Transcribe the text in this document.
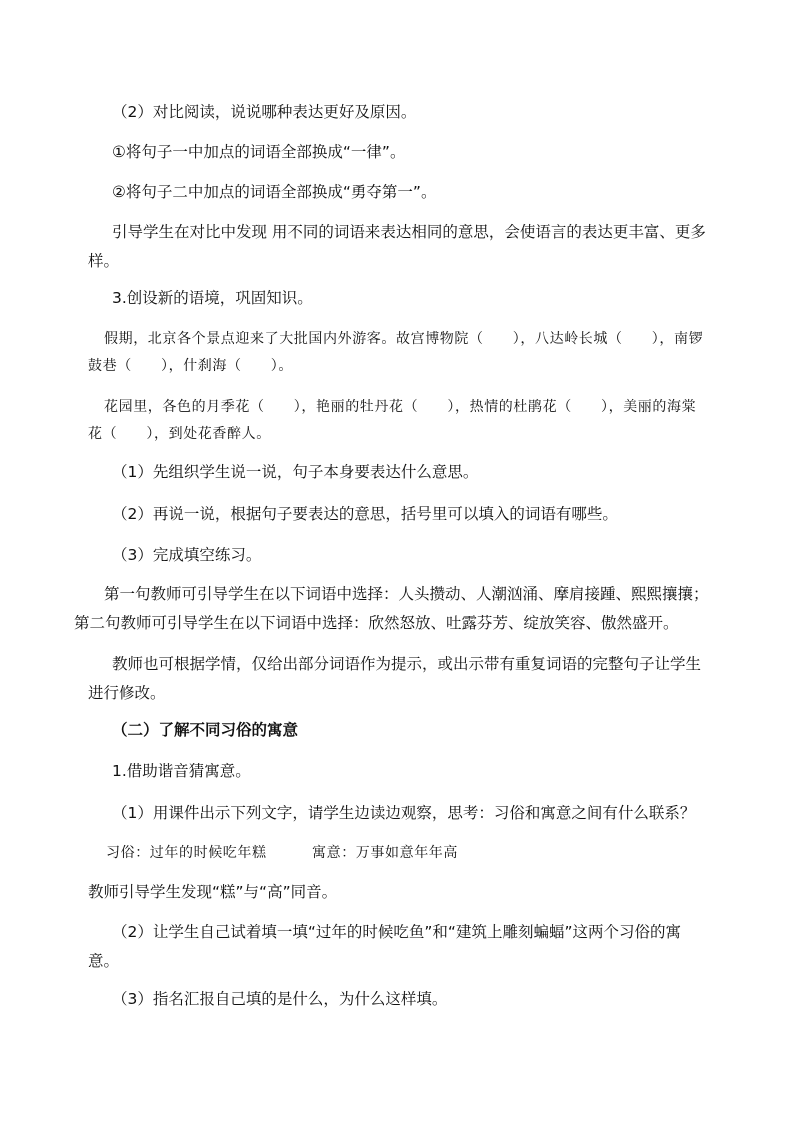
（2）对比阅读，说说哪种表达更好及原因。
①将句子一中加点的词语全部换成“一律”。
②将句子二中加点的词语全部换成“勇夺第一”。
引导学生在对比中发现 用不同的词语来表达相同的意思，会使语言的表达更丰富、更多样。
3.创设新的语境，巩固知识。
假期，北京各个景点迎来了大批国内外游客。故宫博物院（　　），八达岭长城（　　），南锣鼓巷（　　），什刹海（　　）。
花园里，各色的月季花（　　），艳丽的牡丹花（　　），热情的杜鹃花（　　），美丽的海棠花（　　），到处花香醉人。
（1）先组织学生说一说，句子本身要表达什么意思。
（2）再说一说，根据句子要表达的意思，括号里可以填入的词语有哪些。
（3）完成填空练习。
第一句教师可引导学生在以下词语中选择：人头攒动、人潮汹涌、摩肩接踵、熙熙攘攘；第二句教师可引导学生在以下词语中选择：欣然怒放、吐露芬芳、绽放笑容、傲然盛开。
教师也可根据学情，仅给出部分词语作为提示，或出示带有重复词语的完整句子让学生进行修改。
（二）了解不同习俗的寓意
1.借助谐音猜寓意。
（1）用课件出示下列文字，请学生边读边观察，思考：习俗和寓意之间有什么联系？
习俗：过年的时候吃年糕	寓意：万事如意年年高
教师引导学生发现“糕”与“高”同音。
（2）让学生自己试着填一填“过年的时候吃鱼”和“建筑上雕刻蝙蝠”这两个习俗的寓意。
（3）指名汇报自己填的是什么，为什么这样填。
